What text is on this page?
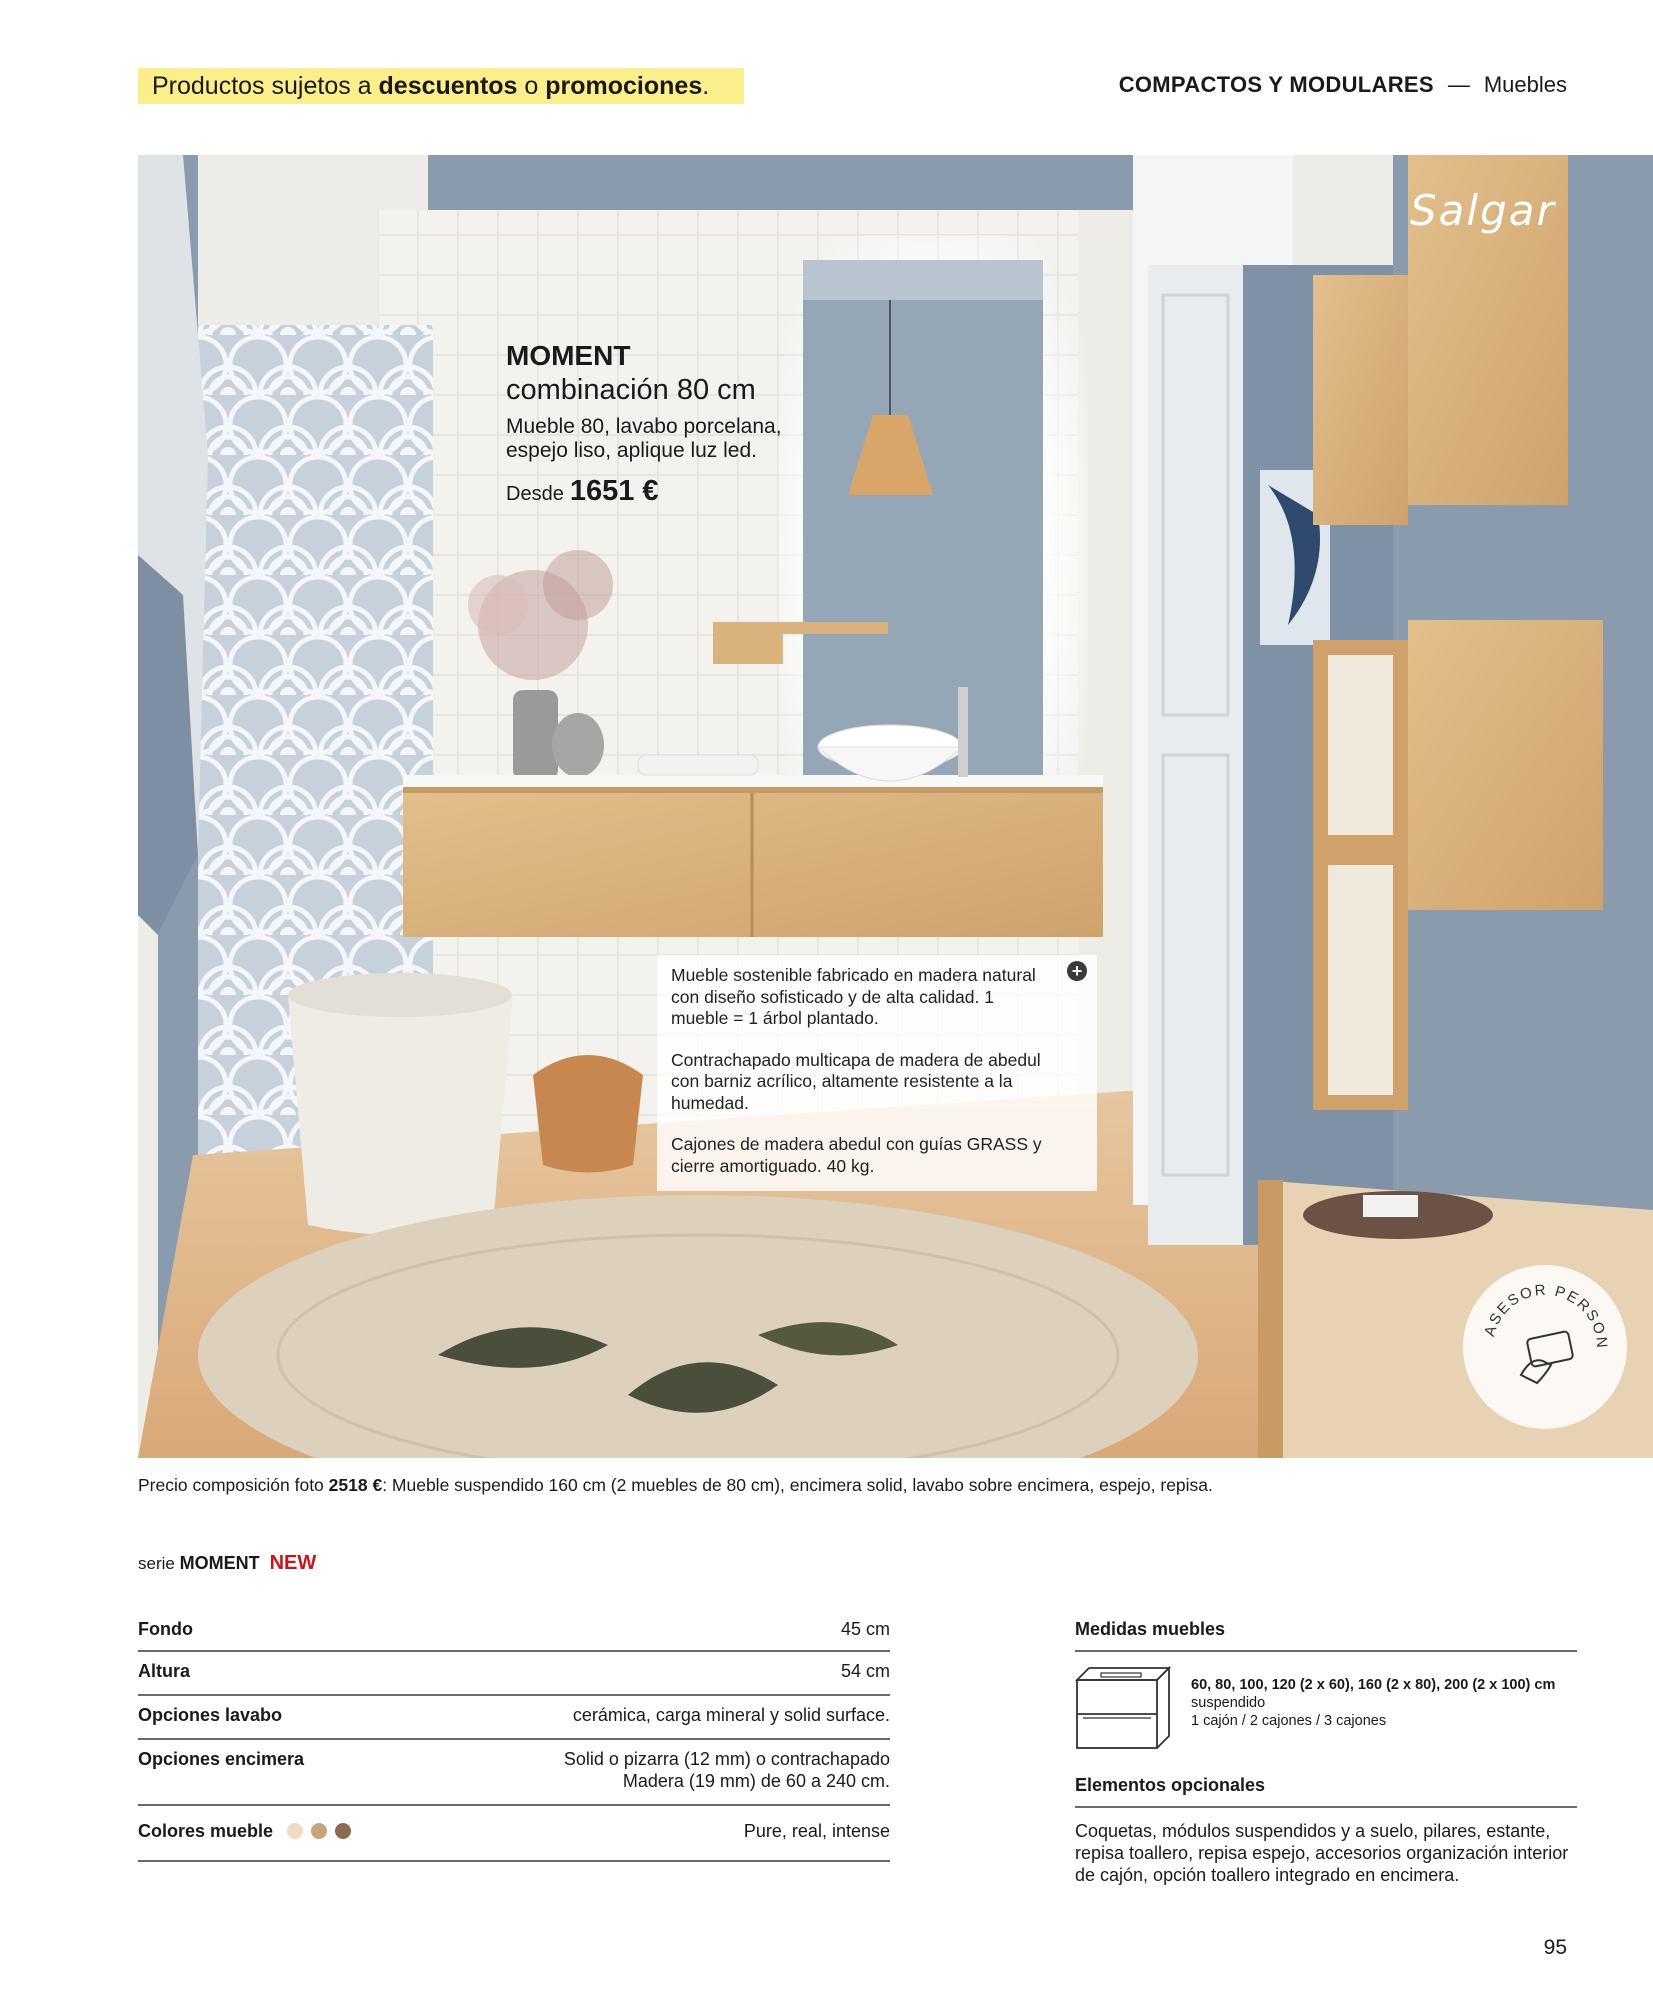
Productos sujetos a descuentos o promociones.	COMPACTOS Y MODULARES — Muebles
Salgar
MOMENT
combinación 80 cm
Mueble 80, lavabo porcelana, espejo liso, aplique luz led.
Desde 1651 €
+

Mueble sostenible fabricado en madera natural con diseño sofisticado y de alta calidad. 1 mueble = 1 árbol plantado.

Contrachapado multicapa de madera de abedul con barniz acrílico, altamente resistente a la humedad.

Cajones de madera abedul con guías GRASS y cierre amortiguado. 40 kg.

ASESOR PERSON
Precio composición foto 2518 €: Mueble suspendido 160 cm (2 muebles de 80 cm), encimera solid, lavabo sobre encimera, espejo, repisa.
serie MOMENT NEW
Fondo	45 cm
Altura	54 cm
Opciones lavabo	cerámica, carga mineral y solid surface.
Opciones encimera	Solid o pizarra (12 mm) o contrachapado
Madera (19 mm) de 60 a 240 cm.
Colores mueble	Pure, real, intense
Medidas muebles
60, 80, 100, 120 (2 x 60), 160 (2 x 80), 200 (2 x 100) cm
suspendido
1 cajón / 2 cajones / 3 cajones
Elementos opcionales
Coquetas, módulos suspendidos y a suelo, pilares, estante, repisa toallero, repisa espejo, accesorios organización interior de cajón, opción toallero integrado en encimera.
95
